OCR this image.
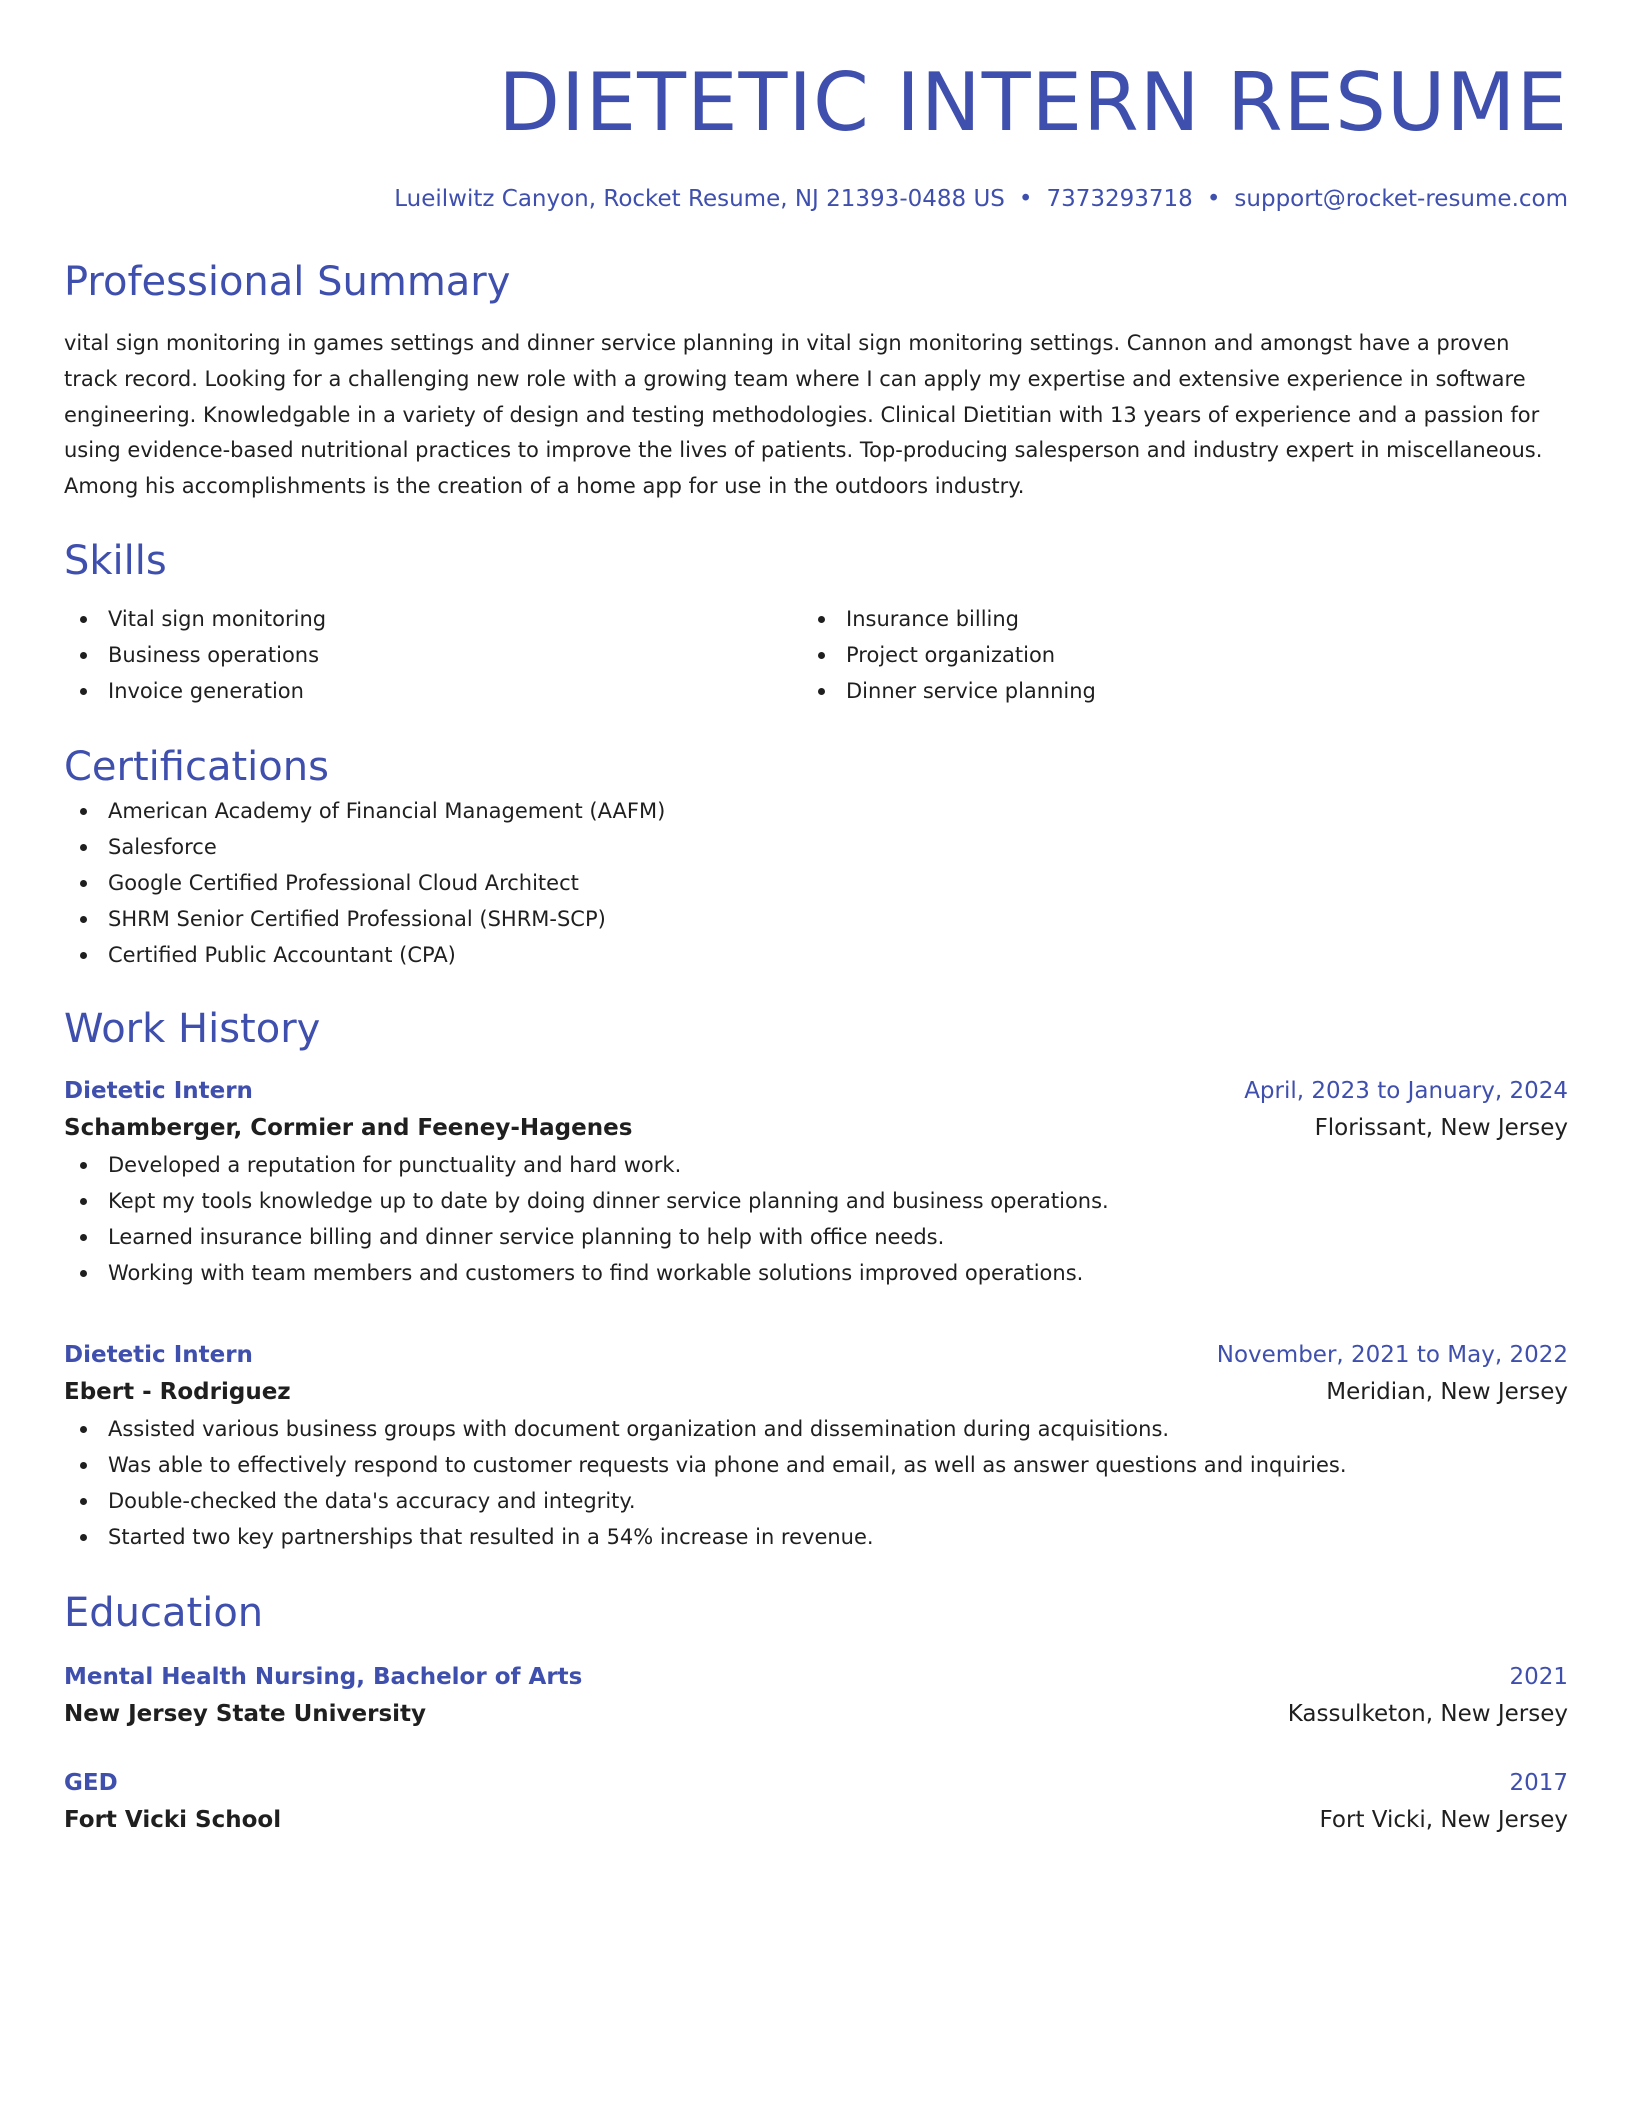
DIETETIC INTERN RESUME
Lueilwitz Canyon, Rocket Resume, NJ 21393-0488 US • 7373293718 • support@rocket-resume.com
Professional Summary
vital sign monitoring in games settings and dinner service planning in vital sign monitoring settings. Cannon and amongst have a proven track record. Looking for a challenging new role with a growing team where I can apply my expertise and extensive experience in software engineering. Knowledgable in a variety of design and testing methodologies. Clinical Dietitian with 13 years of experience and a passion for using evidence-based nutritional practices to improve the lives of patients. Top-producing salesperson and industry expert in miscellaneous. Among his accomplishments is the creation of a home app for use in the outdoors industry.
Skills
Vital sign monitoring
Business operations
Invoice generation
Insurance billing
Project organization
Dinner service planning
Certifications
American Academy of Financial Management (AAFM)
Salesforce
Google Certified Professional Cloud Architect
SHRM Senior Certified Professional (SHRM-SCP)
Certified Public Accountant (CPA)
Work History
Dietetic Intern	April, 2023 to January, 2024
Schamberger, Cormier and Feeney-Hagenes	Florissant, New Jersey
Developed a reputation for punctuality and hard work.
Kept my tools knowledge up to date by doing dinner service planning and business operations.
Learned insurance billing and dinner service planning to help with office needs.
Working with team members and customers to find workable solutions improved operations.
Dietetic Intern	November, 2021 to May, 2022
Ebert - Rodriguez	Meridian, New Jersey
Assisted various business groups with document organization and dissemination during acquisitions.
Was able to effectively respond to customer requests via phone and email, as well as answer questions and inquiries.
Double-checked the data's accuracy and integrity.
Started two key partnerships that resulted in a 54% increase in revenue.
Education
Mental Health Nursing, Bachelor of Arts	2021
New Jersey State University	Kassulketon, New Jersey
GED	2017
Fort Vicki School	Fort Vicki, New Jersey
